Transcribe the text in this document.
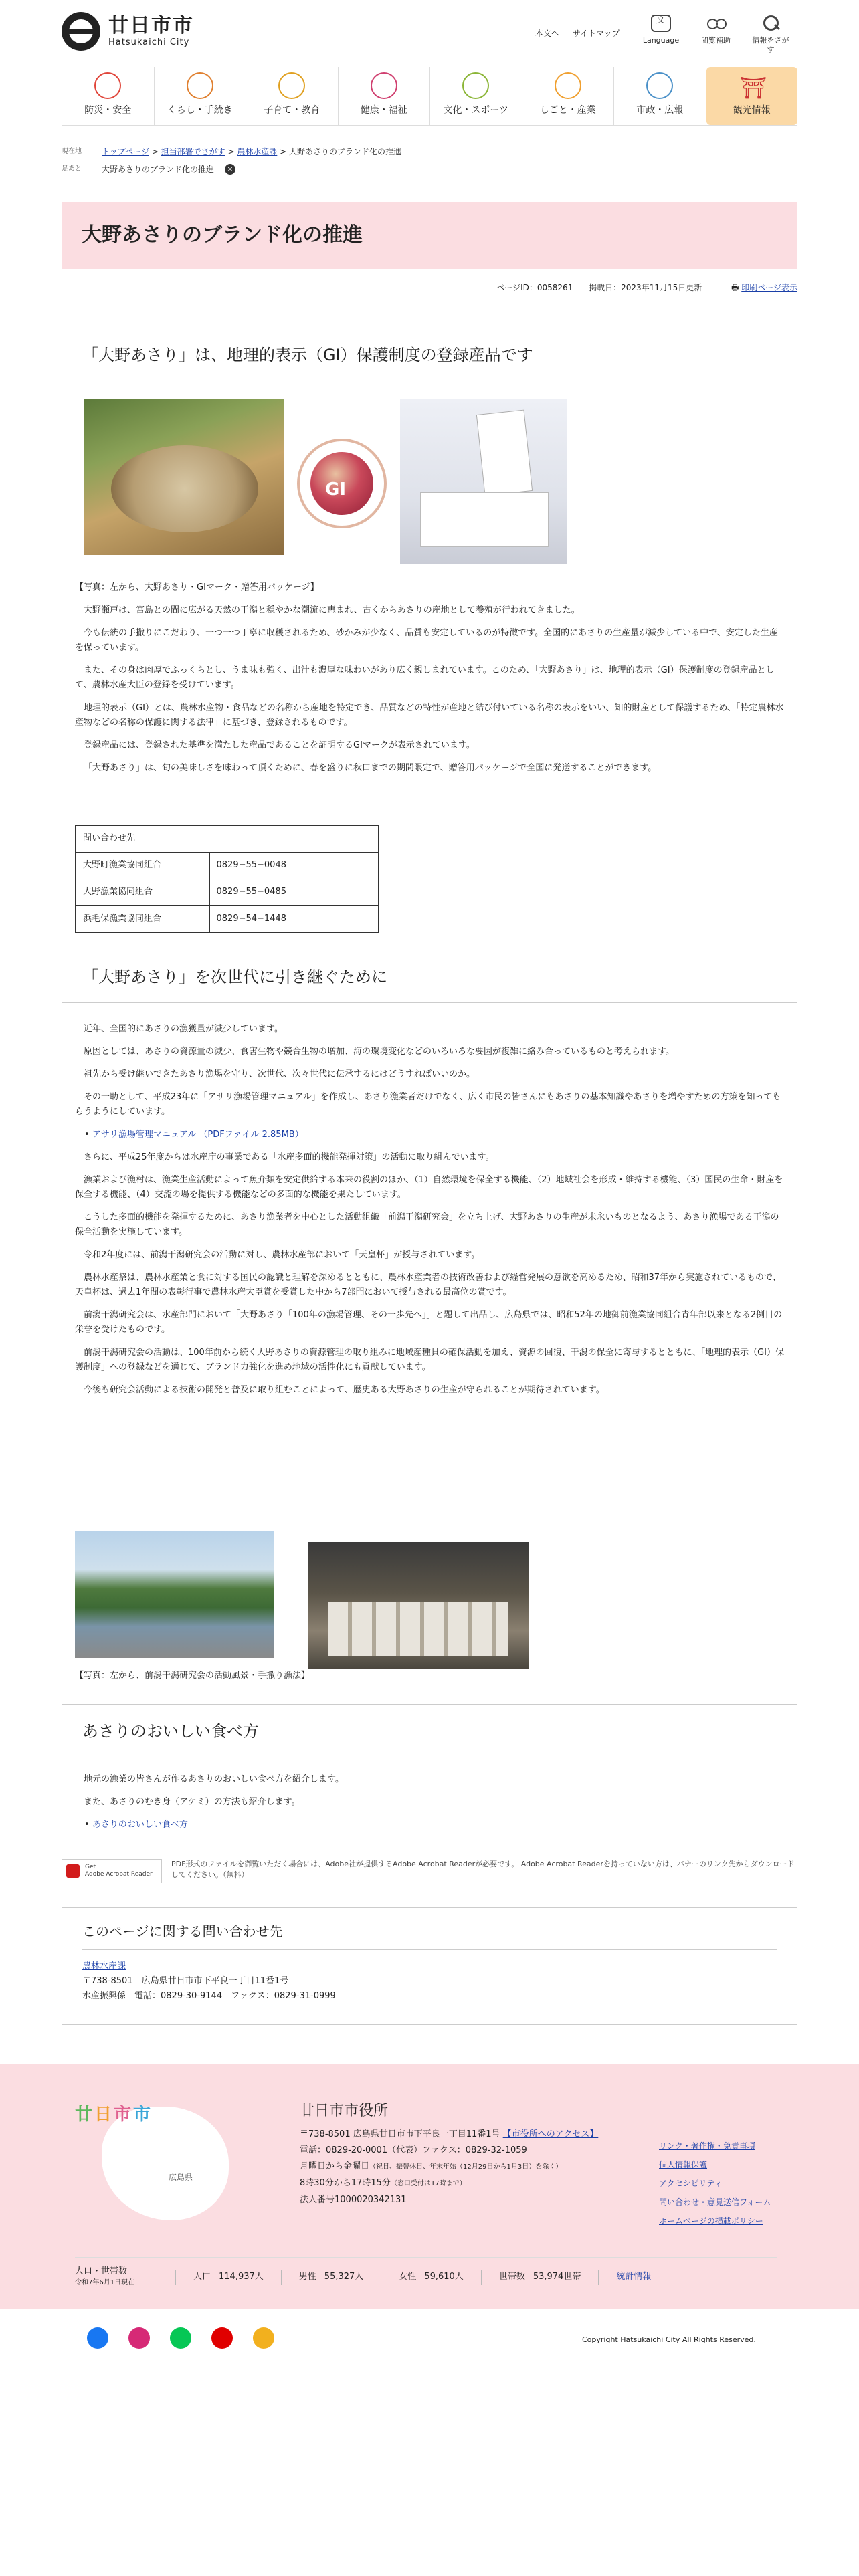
廿日市市
Hatsukaichi City
本文へ サイトマップ
文
Language	閲覧補助	情報をさがす
防災・安全	くらし・手続き	子育て・教育	健康・福祉	文化・スポーツ	しごと・産業	市政・広報
⛩	観光情報
現在地	トップページ > 担当部署でさがす > 農林水産課 > 大野あさりのブランド化の推進
足あと	大野あさりのブランド化の推進	×
大野あさりのブランド化の推進
ページID：0058261 掲載日：2023年11月15日更新	🖶 印刷ページ表示
「大野あさり」は、地理的表示（GI）保護制度の登録産品です
GI

【写真：左から、大野あさり・GIマーク・贈答用パッケージ】

大野瀬戸は、宮島との間に広がる天然の干潟と穏やかな潮流に恵まれ、古くからあさりの産地として養殖が行われてきました。

今も伝統の手撒りにこだわり、一つ一つ丁寧に収穫されるため、砂かみが少なく、品質も安定しているのが特徴です。全国的にあさりの生産量が減少している中で、安定した生産を保っています。

また、その身は肉厚でふっくらとし、うま味も強く、出汁も濃厚な味わいがあり広く親しまれています。このため、「大野あさり」は、地理的表示（GI）保護制度の登録産品として、農林水産大臣の登録を受けています。

地理的表示（GI）とは、農林水産物・食品などの名称から産地を特定でき、品質などの特性が産地と結び付いている名称の表示をいい、知的財産として保護するため、「特定農林水産物などの名称の保護に関する法律」に基づき、登録されるものです。

登録産品には、登録された基準を満たした産品であることを証明するGIマークが表示されています。

「大野あさり」は、旬の美味しさを味わって頂くために、春を盛りに秋口までの期間限定で、贈答用パッケージで全国に発送することができます。

問い合わせ先	
大野町漁業協同組合	0829−55−0048
大野漁業協同組合	0829−55−0485
浜毛保漁業協同組合	0829−54−1448
「大野あさり」を次世代に引き継ぐために

近年、全国的にあさりの漁獲量が減少しています。

原因としては、あさりの資源量の減少、食害生物や競合生物の増加、海の環境変化などのいろいろな要因が複雑に絡み合っているものと考えられます。

祖先から受け継いできたあさり漁場を守り、次世代、次々世代に伝承するにはどうすればいいのか。

その一助として、平成23年に「アサリ漁場管理マニュアル」を作成し、あさり漁業者だけでなく、広く市民の皆さんにもあさりの基本知識やあさりを増やすための方策を知ってもらうようにしています。

• アサリ漁場管理マニュアル （PDFファイル 2.85MB）

さらに、平成25年度からは水産庁の事業である「水産多面的機能発揮対策」の活動に取り組んでいます。

漁業および漁村は、漁業生産活動によって魚介類を安定供給する本来の役割のほか、（1）自然環境を保全する機能、（2）地域社会を形成・維持する機能、（3）国民の生命・財産を保全する機能、（4）交流の場を提供する機能などの多面的な機能を果たしています。

こうした多面的機能を発揮するために、あさり漁業者を中心とした活動組織「前潟干潟研究会」を立ち上げ、大野あさりの生産が未永いものとなるよう、あさり漁場である干潟の保全活動を実施しています。

令和2年度には、前潟干潟研究会の活動に対し、農林水産部において「天皇杯」が授与されています。

農林水産祭は、農林水産業と食に対する国民の認識と理解を深めるとともに、農林水産業者の技術改善および経営発展の意欲を高めるため、昭和37年から実施されているもので、天皇杯は、過去1年間の表彰行事で農林水産大臣賞を受賞した中から7部門において授与される最高位の賞です。

前潟干潟研究会は、水産部門において「大野あさり「100年の漁場管理、その一歩先へ」」と題して出品し、広島県では、昭和52年の地御前漁業協同組合青年部以来となる2例目の栄誉を受けたものです。

前潟干潟研究会の活動は、100年前から続く大野あさりの資源管理の取り組みに地域産種貝の確保活動を加え、資源の回復、干潟の保全に寄与するとともに、「地理的表示（GI）保護制度」への登録などを通じて、ブランド力強化を進め地域の活性化にも貢献しています。

今後も研究会活動による技術の開発と普及に取り組むことによって、歴史ある大野あさりの生産が守られることが期待されています。

【写真：左から、前潟干潟研究会の活動風景・手撒り漁法】

あさりのおいしい食べ方

地元の漁業の皆さんが作るあさりのおいしい食べ方を紹介します。

また、あさりのむき身（アケミ）の方法も紹介します。

• あさりのおいしい食べ方

Get
Adobe Acrobat Reader
PDF形式のファイルを御覧いただく場合には、Adobe社が提供するAdobe Acrobat Readerが必要です。 Adobe Acrobat Readerを持っていない方は、バナーのリンク先からダウンロードしてください。（無料）
このページに関する問い合わせ先

農林水産課

〒738-8501　広島県廿日市市下平良一丁目11番1号

水産振興係　電話：0829-30-9144　ファクス：0829-31-0999

廿日市市
広島県
廿日市市役所
〒738-8501 広島県廿日市市下平良一丁目11番1号 【市役所へのアクセス】
電話：0829-20-0001（代表）ファクス：0829-32-1059
月曜日から金曜日（祝日、振替休日、年末年始（12月29日から1月3日）を除く）
8時30分から17時15分（窓口受付は17時まで）
法人番号1000020342131
リンク・著作権・免責事項
個人情報保護
アクセシビリティ
問い合わせ・意見送信フォーム
ホームページの掲載ポリシー
人口・世帯数
令和7年6月1日現在
人口 114,937人	男性 55,327人	女性 59,610人	世帯数 53,974世帯	統計情報
Copyright Hatsukaichi City All Rights Reserved.
